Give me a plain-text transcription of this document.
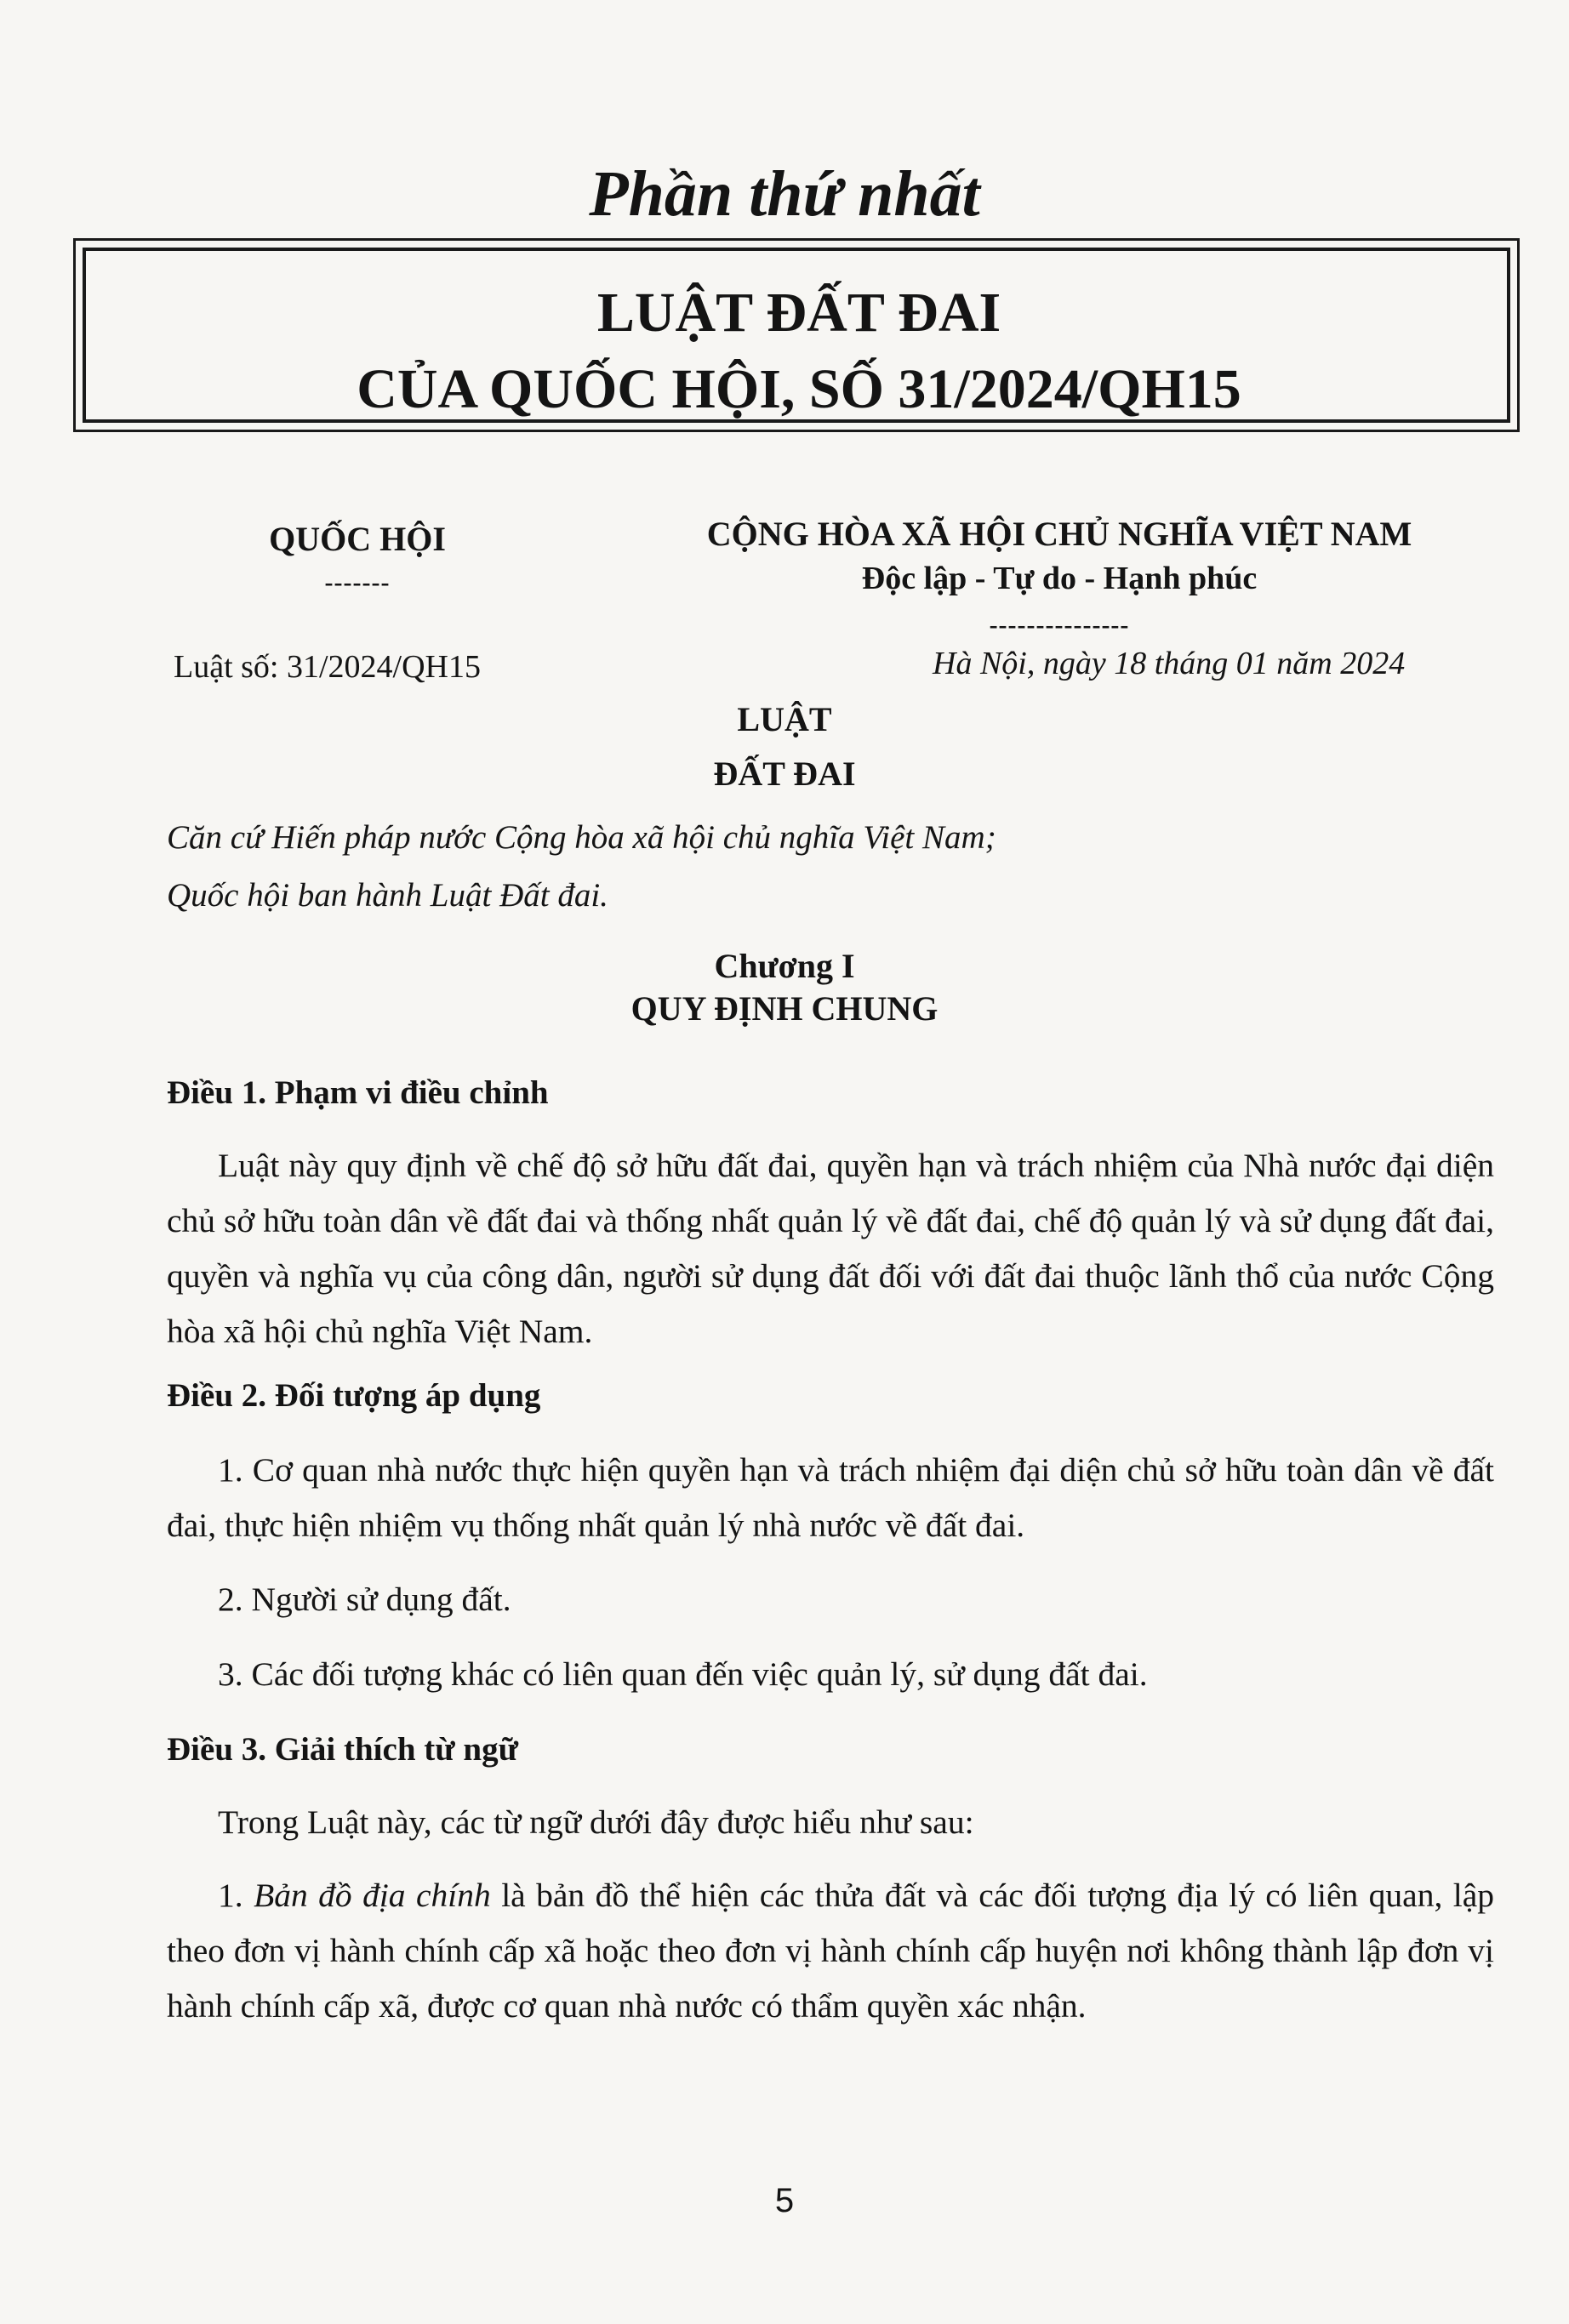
Phần thứ nhất
LUẬT ĐẤT ĐAI
CỦA QUỐC HỘI, SỐ 31/2024/QH15
QUỐC HỘI
-------
CỘNG HÒA XÃ HỘI CHỦ NGHĨA VIỆT NAM
Độc lập - Tự do - Hạnh phúc
---------------
Luật số: 31/2024/QH15	Hà Nội, ngày 18 tháng 01 năm 2024
LUẬT
ĐẤT ĐAI
Căn cứ Hiến pháp nước Cộng hòa xã hội chủ nghĩa Việt Nam;
Quốc hội ban hành Luật Đất đai.
Chương I
QUY ĐỊNH CHUNG
Điều 1. Phạm vi điều chỉnh
Luật này quy định về chế độ sở hữu đất đai, quyền hạn và trách nhiệm của Nhà nước đại diện chủ sở hữu toàn dân về đất đai và thống nhất quản lý về đất đai, chế độ quản lý và sử dụng đất đai, quyền và nghĩa vụ của công dân, người sử dụng đất đối với đất đai thuộc lãnh thổ của nước Cộng hòa xã hội chủ nghĩa Việt Nam.
Điều 2. Đối tượng áp dụng
1. Cơ quan nhà nước thực hiện quyền hạn và trách nhiệm đại diện chủ sở hữu toàn dân về đất đai, thực hiện nhiệm vụ thống nhất quản lý nhà nước về đất đai.
2. Người sử dụng đất.
3. Các đối tượng khác có liên quan đến việc quản lý, sử dụng đất đai.
Điều 3. Giải thích từ ngữ
Trong Luật này, các từ ngữ dưới đây được hiểu như sau:
1. Bản đồ địa chính là bản đồ thể hiện các thửa đất và các đối tượng địa lý có liên quan, lập theo đơn vị hành chính cấp xã hoặc theo đơn vị hành chính cấp huyện nơi không thành lập đơn vị hành chính cấp xã, được cơ quan nhà nước có thẩm quyền xác nhận.
5
